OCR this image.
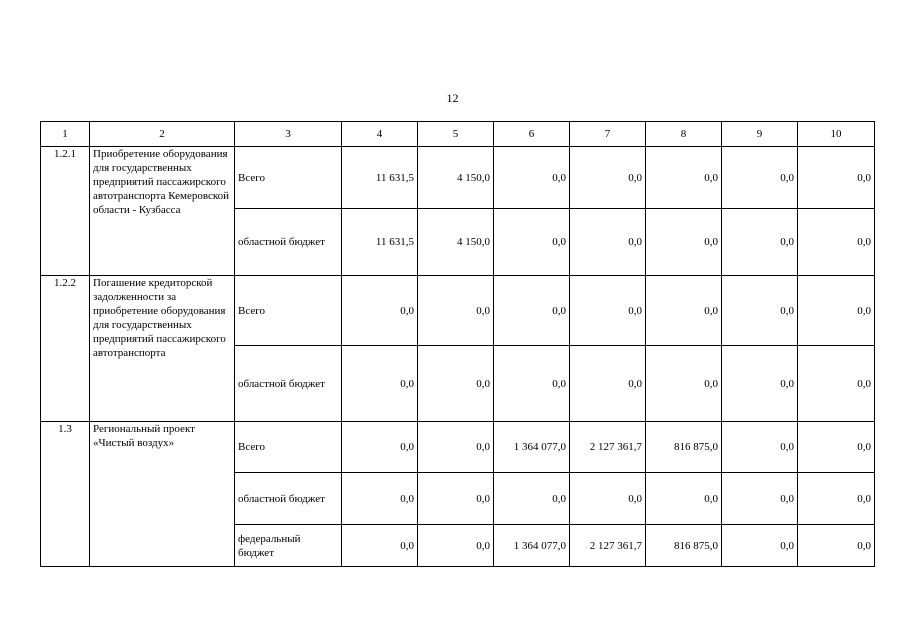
12
1	2	3	4	5	6	7	8	9	10
1.2.1	Приобретение оборудования для государственных предприятий пассажирского автотранспорта Кемеровской области - Кузбасса	Всего	11 631,5	4 150,0	0,0	0,0	0,0	0,0	0,0
		областной бюджет	11 631,5	4 150,0	0,0	0,0	0,0	0,0	0,0
1.2.2	Погашение кредиторской задолженности за приобретение оборудования для государственных предприятий пассажирского автотранспорта	Всего	0,0	0,0	0,0	0,0	0,0	0,0	0,0
		областной бюджет	0,0	0,0	0,0	0,0	0,0	0,0	0,0
1.3	Региональный проект «Чистый воздух»	Всего	0,0	0,0	1 364 077,0	2 127 361,7	816 875,0	0,0	0,0
		областной бюджет	0,0	0,0	0,0	0,0	0,0	0,0	0,0
		федеральный бюджет	0,0	0,0	1 364 077,0	2 127 361,7	816 875,0	0,0	0,0
